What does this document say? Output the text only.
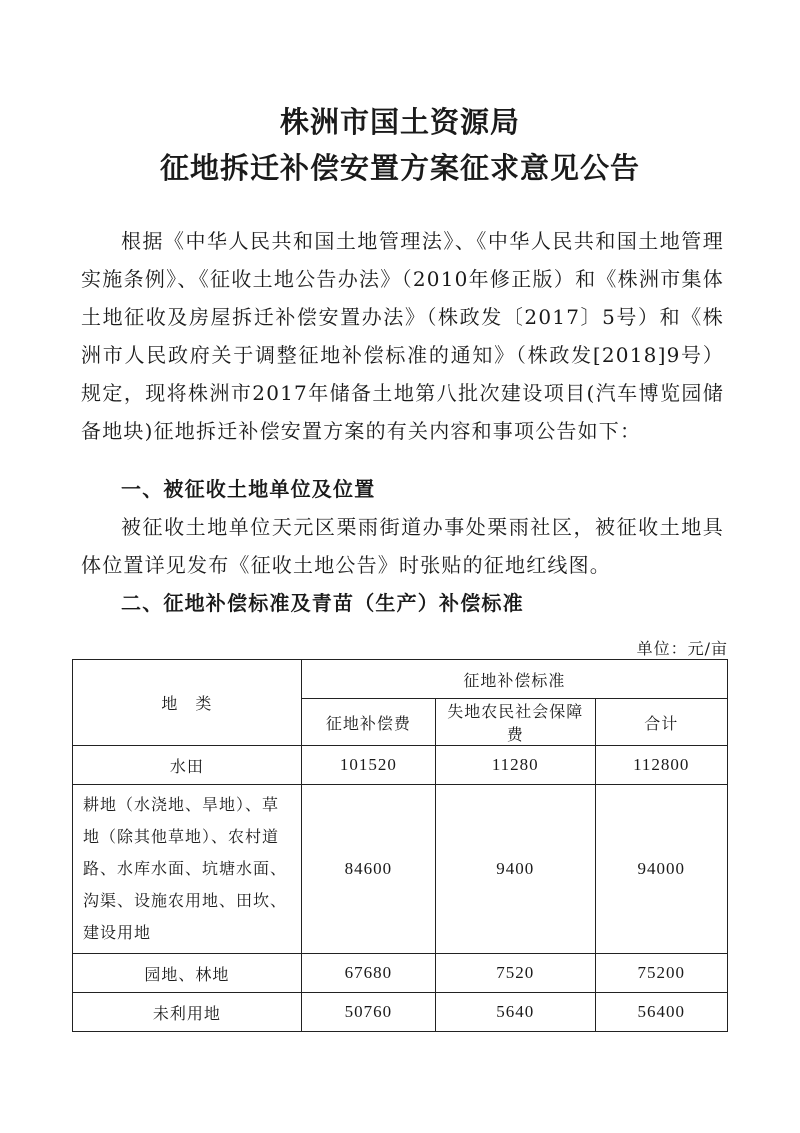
株洲市国土资源局
征地拆迁补偿安置方案征求意见公告

根据《中华人民共和国土地管理法》、《中华人民共和国土地管理实施条例》、《征收土地公告办法》（2010年修正版）和《株洲市集体土地征收及房屋拆迁补偿安置办法》（株政发〔2017〕5号）和《株洲市人民政府关于调整征地补偿标准的通知》（株政发[2018]9号）规定，现将株洲市2017年储备土地第八批次建设项目(汽车博览园储备地块)征地拆迁补偿安置方案的有关内容和事项公告如下：

一、被征收土地单位及位置

被征收土地单位天元区栗雨街道办事处栗雨社区，被征收土地具体位置详见发布《征收土地公告》时张贴的征地红线图。

二、征地补偿标准及青苗（生产）补偿标准

单位：元/亩
地　类	征地补偿标准		
	征地补偿费	失地农民社会保障费	合计
水田	101520	11280	112800
耕地（水浇地、旱地）、草地（除其他草地）、农村道路、水库水面、坑塘水面、沟渠、设施农用地、田坎、建设用地	84600	9400	94000
园地、林地	67680	7520	75200
未利用地	50760	5640	56400
